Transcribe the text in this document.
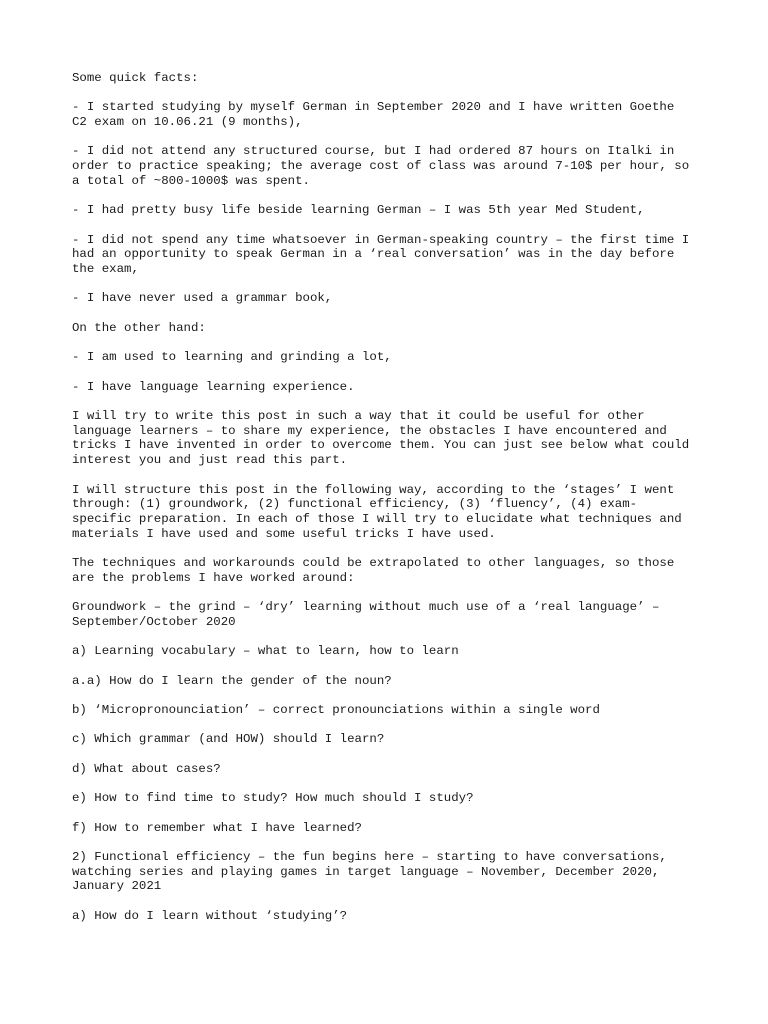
Some quick facts:

- I started studying by myself German in September 2020 and I have written Goethe
C2 exam on 10.06.21 (9 months),

- I did not attend any structured course, but I had ordered 87 hours on Italki in
order to practice speaking; the average cost of class was around 7-10$ per hour, so
a total of ~800-1000$ was spent.

- I had pretty busy life beside learning German – I was 5th year Med Student,

- I did not spend any time whatsoever in German-speaking country – the first time I
had an opportunity to speak German in a ‘real conversation’ was in the day before
the exam,

- I have never used a grammar book,

On the other hand:

- I am used to learning and grinding a lot,

- I have language learning experience.

I will try to write this post in such a way that it could be useful for other
language learners – to share my experience, the obstacles I have encountered and
tricks I have invented in order to overcome them. You can just see below what could
interest you and just read this part.

I will structure this post in the following way, according to the ‘stages’ I went
through: (1) groundwork, (2) functional efficiency, (3) ‘fluency’, (4) exam-
specific preparation. In each of those I will try to elucidate what techniques and
materials I have used and some useful tricks I have used.

The techniques and workarounds could be extrapolated to other languages, so those
are the problems I have worked around:

Groundwork – the grind – ‘dry’ learning without much use of a ‘real language’ –
September/October 2020

a) Learning vocabulary – what to learn, how to learn

a.a) How do I learn the gender of the noun?

b) ‘Micropronounciation’ – correct pronounciations within a single word

c) Which grammar (and HOW) should I learn?

d) What about cases?

e) How to find time to study? How much should I study?

f) How to remember what I have learned?

2) Functional efficiency – the fun begins here – starting to have conversations,
watching series and playing games in target language – November, December 2020,
January 2021

a) How do I learn without ‘studying’?
